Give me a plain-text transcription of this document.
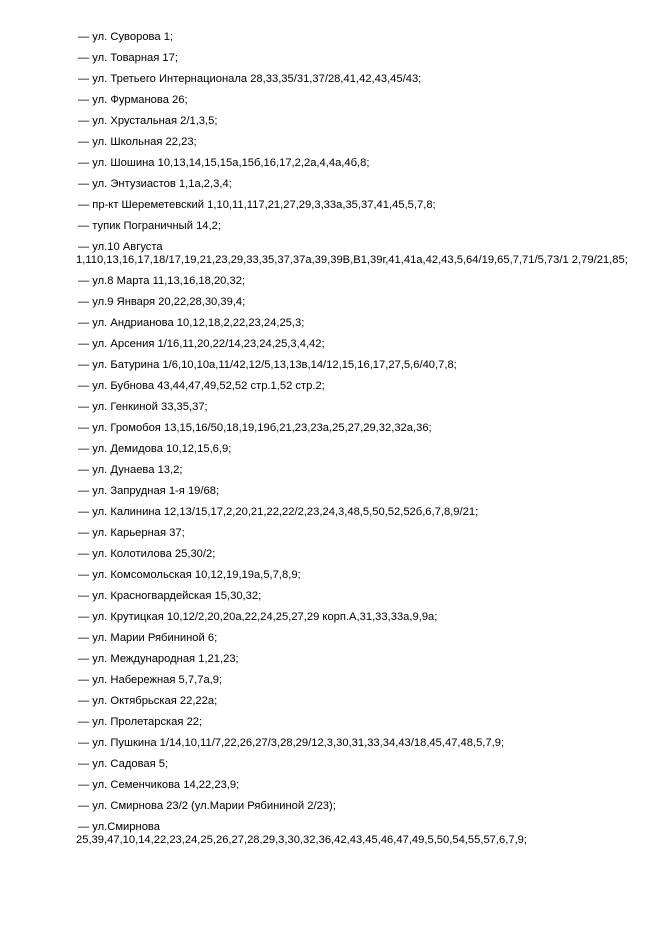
— ул. Суворова 1;
— ул. Товарная 17;
— ул. Третьего Интернационала 28,33,35/31,37/28,41,42,43,45/43;
— ул. Фурманова 26;
— ул. Хрустальная 2/1,3,5;
— ул. Школьная 22,23;
— ул. Шошина 10,13,14,15,15а,15б,16,17,2,2а,4,4а,4б,8;
— ул. Энтузиастов 1,1а,2,3,4;
— пр-кт Шереметевский 1,10,11,117,21,27,29,3,33а,35,37,41,45,5,7,8;
— тупик Пограничный 14,2;
— ул.10 Августа
1,110,13,16,17,18/17,19,21,23,29,33,35,37,37а,39,39В,В1,39г,41,41а,42,43,5,64/19,65,7,71/5,73/1 2,79/21,85;
— ул.8 Марта 11,13,16,18,20,32;
— ул.9 Января 20,22,28,30,39,4;
— ул. Андрианова 10,12,18,2,22,23,24,25,3;
— ул. Арсения 1/16,11,20,22/14,23,24,25,3,4,42;
— ул. Батурина 1/6,10,10а,11/42,12/5,13,13в,14/12,15,16,17,27,5,6/40,7,8;
— ул. Бубнова 43,44,47,49,52,52 стр.1,52 стр.2;
— ул. Генкиной 33,35,37;
— ул. Громобоя 13,15,16/50,18,19,19б,21,23,23а,25,27,29,32,32а,36;
— ул. Демидова 10,12,15,6,9;
— ул. Дунаева 13,2;
— ул. Запрудная 1-я 19/68;
— ул. Калинина 12,13/15,17,2,20,21,22,22/2,23,24,3,48,5,50,52,52б,6,7,8,9/21;
— ул. Карьерная 37;
— ул. Колотилова 25,30/2;
— ул. Комсомольская 10,12,19,19а,5,7,8,9;
— ул. Красногвардейская 15,30,32;
— ул. Крутицкая 10,12/2,20,20а,22,24,25,27,29 корп.А,31,33,33а,9,9а;
— ул. Марии Рябининой 6;
— ул. Международная 1,21,23;
— ул. Набережная 5,7,7а,9;
— ул. Октябрьская 22,22а;
— ул. Пролетарская 22;
— ул. Пушкина 1/14,10,11/7,22,26,27/3,28,29/12,3,30,31,33,34,43/18,45,47,48,5,7,9;
— ул. Садовая 5;
— ул. Семенчикова 14,22,23,9;
— ул. Смирнова 23/2 (ул.Марии Рябининой 2/23);
— ул.Смирнова
25,39,47,10,14,22,23,24,25,26,27,28,29,3,30,32,36,42,43,45,46,47,49,5,50,54,55,57,6,7,9;
